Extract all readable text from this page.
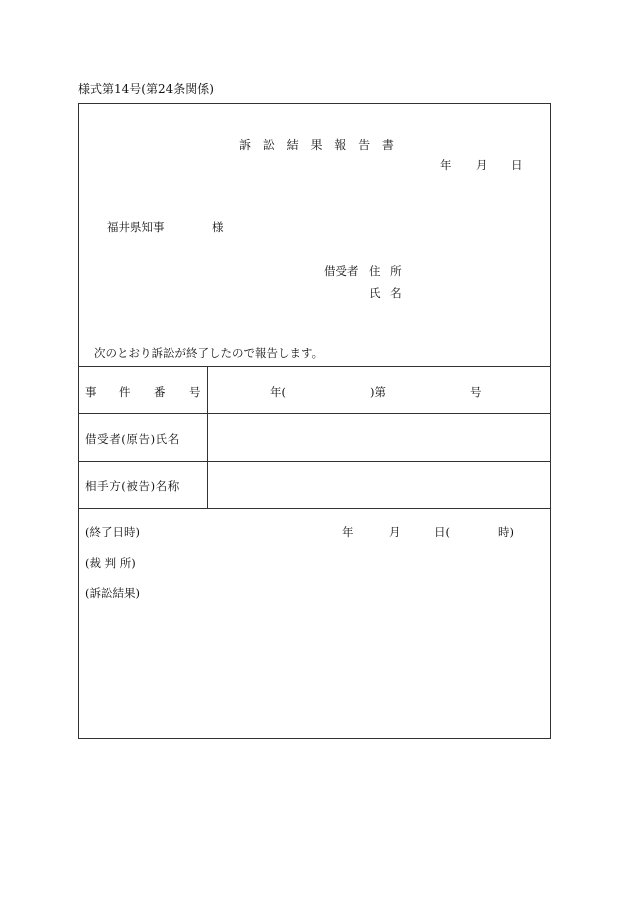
様式第14号(第24条関係)
訴 訟 結 果 報 告 書
年 月 日
福井県知事	様
借受者 住 所
氏 名
次のとおり訴訟が終了したので報告します。
事 件 番 号	年(	)第	号
借受者(原告)氏名
相手方(被告)名称
(終了日時)	年	月	日(	時)
(裁 判 所)
(訴訟結果)
